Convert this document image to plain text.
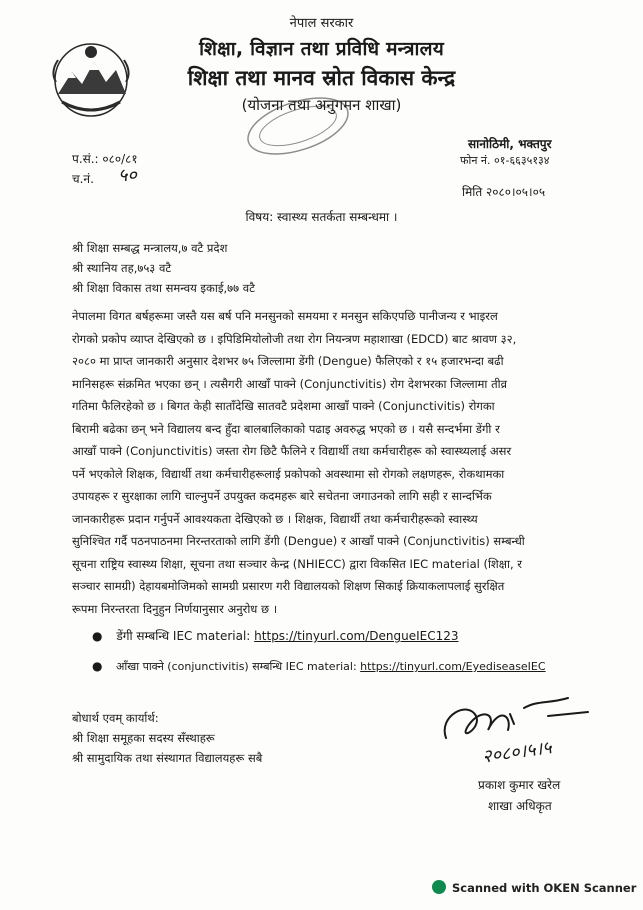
नेपाल सरकार
शिक्षा, विज्ञान तथा प्रविधि मन्त्रालय
शिक्षा तथा मानव स्रोत विकास केन्द्र
(योजना तथा अनुगमन शाखा)
प.सं.: ०८०/८१
च.नं. ५०
सानोठिमी, भक्तपुर
फोन नं. ०१-६६३५१३४
मिति २०८०।०५।०५
विषय: स्वास्थ्य सतर्कता सम्बन्धमा ।
श्री शिक्षा सम्बद्ध मन्त्रालय,७ वटै प्रदेश
श्री स्थानिय तह,७५३ वटै
श्री शिक्षा विकास तथा समन्वय इकाई,७७ वटै
नेपालमा विगत बर्षहरूमा जस्तै यस बर्ष पनि मनसुनको समयमा र मनसुन सकिएपछि पानीजन्य र भाइरल
रोगको प्रकोप व्याप्त देखिएको छ । इपिडिमियोलोजी तथा रोग नियन्त्रण महाशाखा (EDCD) बाट श्रावण ३२,
२०८० मा प्राप्त जानकारी अनुसार देशभर ७५ जिल्लामा डेंगी (Dengue) फैलिएको र १५ हजारभन्दा बढी
मानिसहरू संक्रमित भएका छन् । त्यसैगरी आखाँ पाक्ने (Conjunctivitis) रोग देशभरका जिल्लामा तीव्र
गतिमा फैलिरहेको छ । बिगत केही साताँदेखि सातवटै प्रदेशमा आखाँ पाक्ने (Conjunctivitis) रोगका
बिरामी बढेका छन् भने विद्यालय बन्द हुँदा बालबालिकाको पढाइ अवरुद्ध भएको छ । यसै सन्दर्भमा डेंगी र
आखाँ पाक्ने (Conjunctivitis) जस्ता रोग छिटै फैलिने र विद्यार्थी तथा कर्मचारीहरू को स्वास्थ्यलाई असर
पर्ने भएकोले शिक्षक, विद्यार्थी तथा कर्मचारीहरूलाई प्रकोपको अवस्थामा सो रोगको लक्षणहरू, रोकथामका
उपायहरू र सुरक्षाका लागि चाल्नुपर्ने उपयुक्त कदमहरू बारे सचेतना जगाउनको लागि सही र सान्दर्भिक
जानकारीहरू प्रदान गर्नुपर्ने आवश्यकता देखिएको छ । शिक्षक, विद्यार्थी तथा कर्मचारीहरूको स्वास्थ्य
सुनिश्चित गर्दै पठनपाठनमा निरन्तरताको लागि डेंगी (Dengue) र आखाँ पाक्ने (Conjunctivitis) सम्बन्धी
सूचना राष्ट्रिय स्वास्थ्य शिक्षा, सूचना तथा सञ्चार केन्द्र (NHIECC) द्वारा विकसित IEC material (शिक्षा, र
सञ्चार सामग्री) देहायबमोजिमको सामग्री प्रसारण गरी विद्यालयको शिक्षण सिकाई क्रियाकलापलाई सुरक्षित
रूपमा निरन्तरता दिनुहुन निर्णयानुसार अनुरोध छ ।
● डेंगी सम्बन्धि IEC material: https://tinyurl.com/DengueIEC123
● आँखा पाक्ने (conjunctivitis) सम्बन्धि IEC material: https://tinyurl.com/EyediseaseIEC
बोधार्थ एवम् कार्यार्थ:
श्री शिक्षा समूहका सदस्य सँस्थाहरू
श्री सामुदायिक तथा संस्थागत विद्यालयहरू सबै	२०८०।५।५
प्रकाश कुमार खरेल
शाखा अधिकृत
Scanned with OKEN Scanner
